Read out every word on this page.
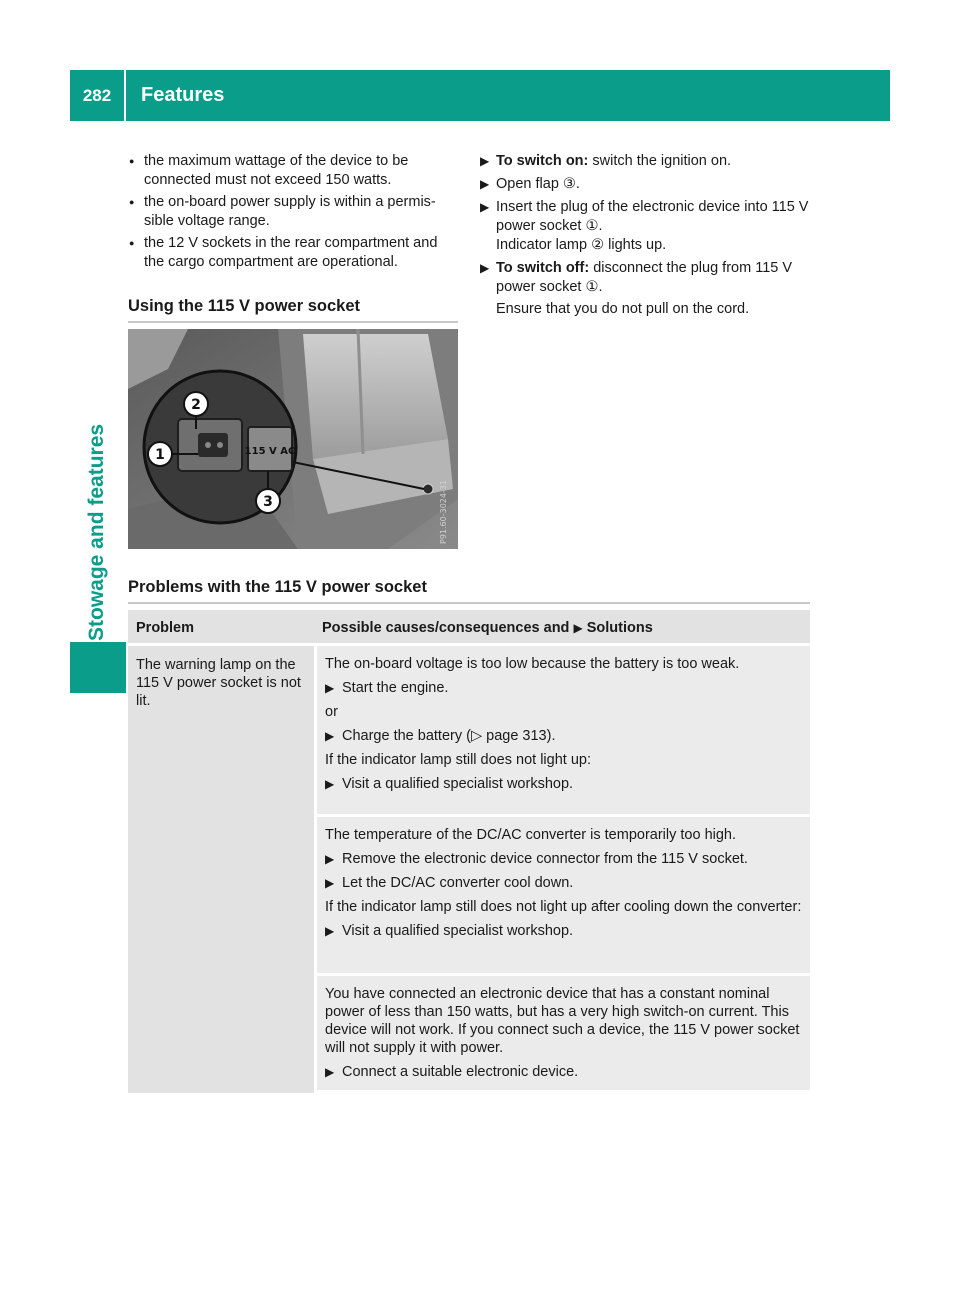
282	Features
Stowage and features
● the maximum wattage of the device to be connected must not exceed 150 watts.
● the on-board power supply is within a permis-sible voltage range.
● the 12 V sockets in the rear compartment and the cargo compartment are operational.
Using the 115 V power socket
115 V AC
2
1
3	P91.60-3024-31
▶ To switch on: switch the ignition on.
▶ Open flap ③.
▶ Insert the plug of the electronic device into 115 V power socket ①.
Indicator lamp ② lights up.
▶ To switch off: disconnect the plug from 115 V power socket ①.
Ensure that you do not pull on the cord.
Problems with the 115 V power socket
Problem	Possible causes/consequences and ▶ Solutions
The warning lamp on the 115 V power socket is not lit.

The on-board voltage is too low because the battery is too weak.

▶ Start the engine.

or

▶ Charge the battery (▷ page 313).

If the indicator lamp still does not light up:

▶ Visit a qualified specialist workshop.

The temperature of the DC/AC converter is temporarily too high.

▶ Remove the electronic device connector from the 115 V socket.
▶ Let the DC/AC converter cool down.

If the indicator lamp still does not light up after cooling down the converter:

▶ Visit a qualified specialist workshop.

You have connected an electronic device that has a constant nominal power of less than 150 watts, but has a very high switch-on current. This device will not work. If you connect such a device, the 115 V power socket will not supply it with power.

▶ Connect a suitable electronic device.
